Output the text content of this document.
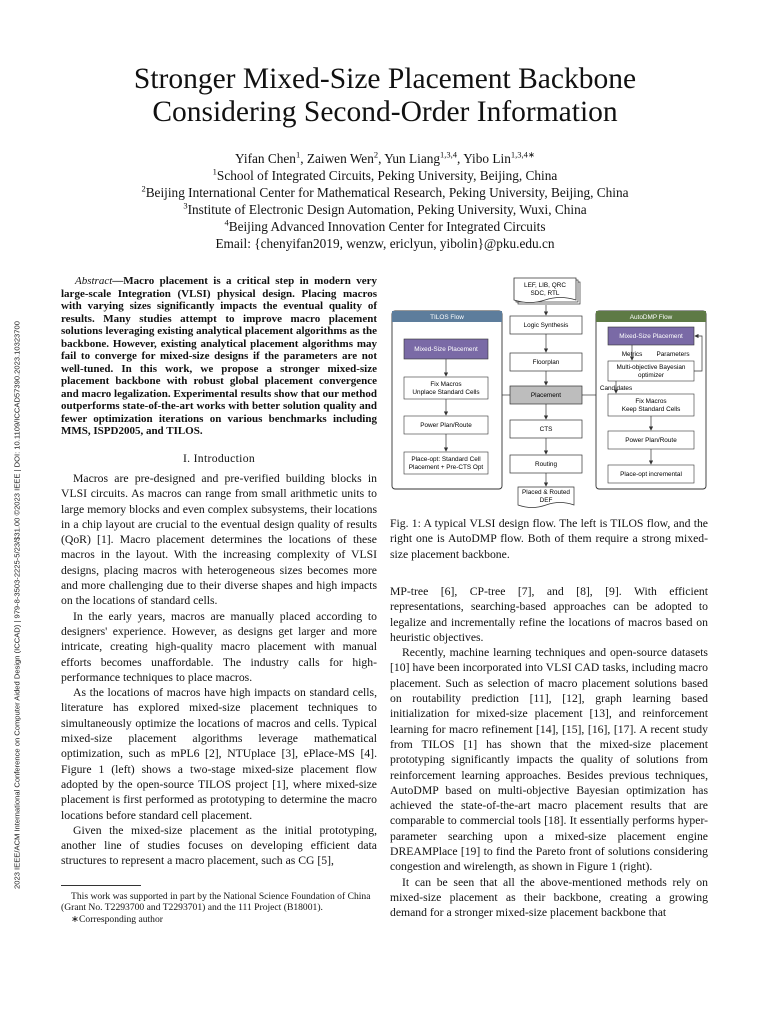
2023 IEEE/ACM International Conference on Computer Aided Design (ICCAD) | 979-8-3503-2225-5/23/$31.00 ©2023 IEEE | DOI: 10.1109/ICCAD57390.2023.10323700
Stronger Mixed-Size Placement Backbone
Considering Second-Order Information
Yifan Chen$^1$, Zaiwen Wen$^2$, Yun Liang$^{1,3,4}$, Yibo Lin$^{1,3,4∗}$
$^1$School of Integrated Circuits, Peking University, Beijing, China
$^2$Beijing International Center for Mathematical Research, Peking University, Beijing, China
$^3$Institute of Electronic Design Automation, Peking University, Wuxi, China
$^4$Beijing Advanced Innovation Center for Integrated Circuits
Email: {chenyifan2019, wenzw, ericlyun, yibolin}@pku.edu.cn
Abstract—Macro placement is a critical step in modern very large-scale Integration (VLSI) physical design. Placing macros with varying sizes significantly impacts the eventual quality of results. Many studies attempt to improve macro placement solutions leveraging existing analytical placement algorithms as the backbone. However, existing analytical placement algorithms may fail to converge for mixed-size designs if the parameters are not well-tuned. In this work, we propose a stronger mixed-size placement backbone with robust global placement convergence and macro legalization. Experimental results show that our method outperforms state-of-the-art works with better solution quality and fewer optimization iterations on various benchmarks including MMS, ISPD2005, and TILOS.
I. Introduction

Macros are pre-designed and pre-verified building blocks in VLSI circuits. As macros can range from small arithmetic units to large memory blocks and even complex subsystems, their locations in a chip layout are crucial to the eventual design quality of results (QoR) [1]. Macro placement determines the locations of these macros in the layout. With the increasing complexity of VLSI designs, placing macros with heterogeneous sizes becomes more and more challenging due to their diverse shapes and high impacts on the locations of standard cells.

In the early years, macros are manually placed according to designers' experience. However, as designs get larger and more intricate, creating high-quality macro placement with manual efforts becomes unaffordable. The industry calls for high-performance techniques to place macros.

As the locations of macros have high impacts on standard cells, literature has explored mixed-size placement techniques to simultaneously optimize the locations of macros and cells. Typical mixed-size placement algorithms leverage mathematical optimization, such as mPL6 [2], NTUplace [3], ePlace-MS [4]. Figure 1 (left) shows a two-stage mixed-size placement flow adopted by the open-source TILOS project [1], where mixed-size placement is first performed as prototyping to determine the macro locations before standard cell placement.

Given the mixed-size placement as the initial prototyping, another line of studies focuses on developing efficient data structures to represent a macro placement, such as CG [5],

This work was supported in part by the National Science Foundation of China (Grant No. T2293700 and T2293701) and the 111 Project (B18001).
∗Corresponding author
LEF, LIB, QRC
SDC, RTL
TILOS Flow
Mixed-Size Placement
Fix Macros
Unplace Standard Cells
Power Plan/Route
Place-opt: Standard Cell
Placement + Pre-CTS Opt
Logic Synthesis
Floorplan
Placement
CTS
Routing
Placed & Routed
DEF
AutoDMP Flow
Mixed-Size Placement
Metrics Parameters
Multi-objective Bayesian
optimizer
Candidates
Fix Macros
Keep Standard Cells
Power Plan/Route
Place-opt incremental
Fig. 1: A typical VLSI design flow. The left is TILOS flow, and the right one is AutoDMP flow. Both of them require a strong mixed-size placement backbone.

MP-tree [6], CP-tree [7], and [8], [9]. With efficient representations, searching-based approaches can be adopted to legalize and incrementally refine the locations of macros based on heuristic objectives.

Recently, machine learning techniques and open-source datasets [10] have been incorporated into VLSI CAD tasks, including macro placement. Such as selection of macro placement solutions based on routability prediction [11], [12], graph learning based initialization for mixed-size placement [13], and reinforcement learning for macro refinement [14], [15], [16], [17]. A recent study from TILOS [1] has shown that the mixed-size placement prototyping significantly impacts the quality of solutions from reinforcement learning approaches. Besides previous techniques, AutoDMP based on multi-objective Bayesian optimization has achieved the state-of-the-art macro placement results that are comparable to commercial tools [18]. It essentially performs hyper-parameter searching upon a mixed-size placement engine DREAMPlace [19] to find the Pareto front of solutions considering congestion and wirelength, as shown in Figure 1 (right).

It can be seen that all the above-mentioned methods rely on mixed-size placement as their backbone, creating a growing demand for a stronger mixed-size placement backbone that
